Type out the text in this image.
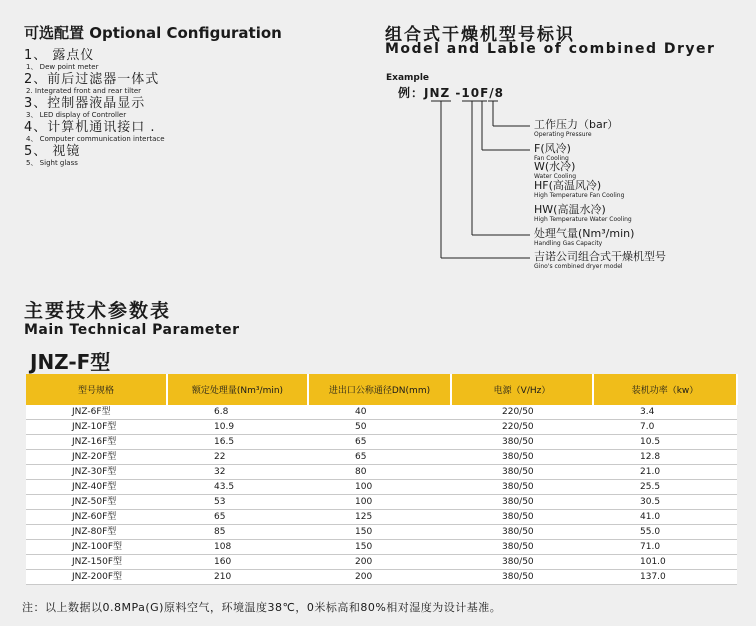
可选配置 Optional Configuration
1、 露点仪
1、 Dew point meter
2、前后过滤器一体式
2. Integrated front and rear tilter
3、控制器液晶显示
3、 LED display of Controller
4、计算机通讯接口 .
4、 Computer communication intertace
5、 视镜
5、 Sight glass
组合式干燥机型号标识
Model and Lable of combined Dryer
Example
例：JNZ -10F/8
工作压力（bar）
Operating Pressure
F(风冷)
Fan Cooling
W(水冷)
Water Cooling
HF(高温风冷)
High Temperature Fan Cooling
HW(高温水冷)
High Temperature Water Cooling
处理气量(Nm³/min)
Handling Gas Capacity
吉诺公司组合式干燥机型号
Gino's combined dryer model
主要技术参数表
Main Technical Parameter
JNZ-F型
型号规格	额定处理量(Nm³/min)	进出口公称通径DN(mm)	电源（V/Hz）	装机功率（kw）
JNZ-6F型	6.8	40	220/50	3.4
JNZ-10F型	10.9	50	220/50	7.0
JNZ-16F型	16.5	65	380/50	10.5
JNZ-20F型	22	65	380/50	12.8
JNZ-30F型	32	80	380/50	21.0
JNZ-40F型	43.5	100	380/50	25.5
JNZ-50F型	53	100	380/50	30.5
JNZ-60F型	65	125	380/50	41.0
JNZ-80F型	85	150	380/50	55.0
JNZ-100F型	108	150	380/50	71.0
JNZ-150F型	160	200	380/50	101.0
JNZ-200F型	210	200	380/50	137.0
注：以上数据以0.8MPa(G)原料空气，环境温度38℃，0米标高和80%相对湿度为设计基准。
